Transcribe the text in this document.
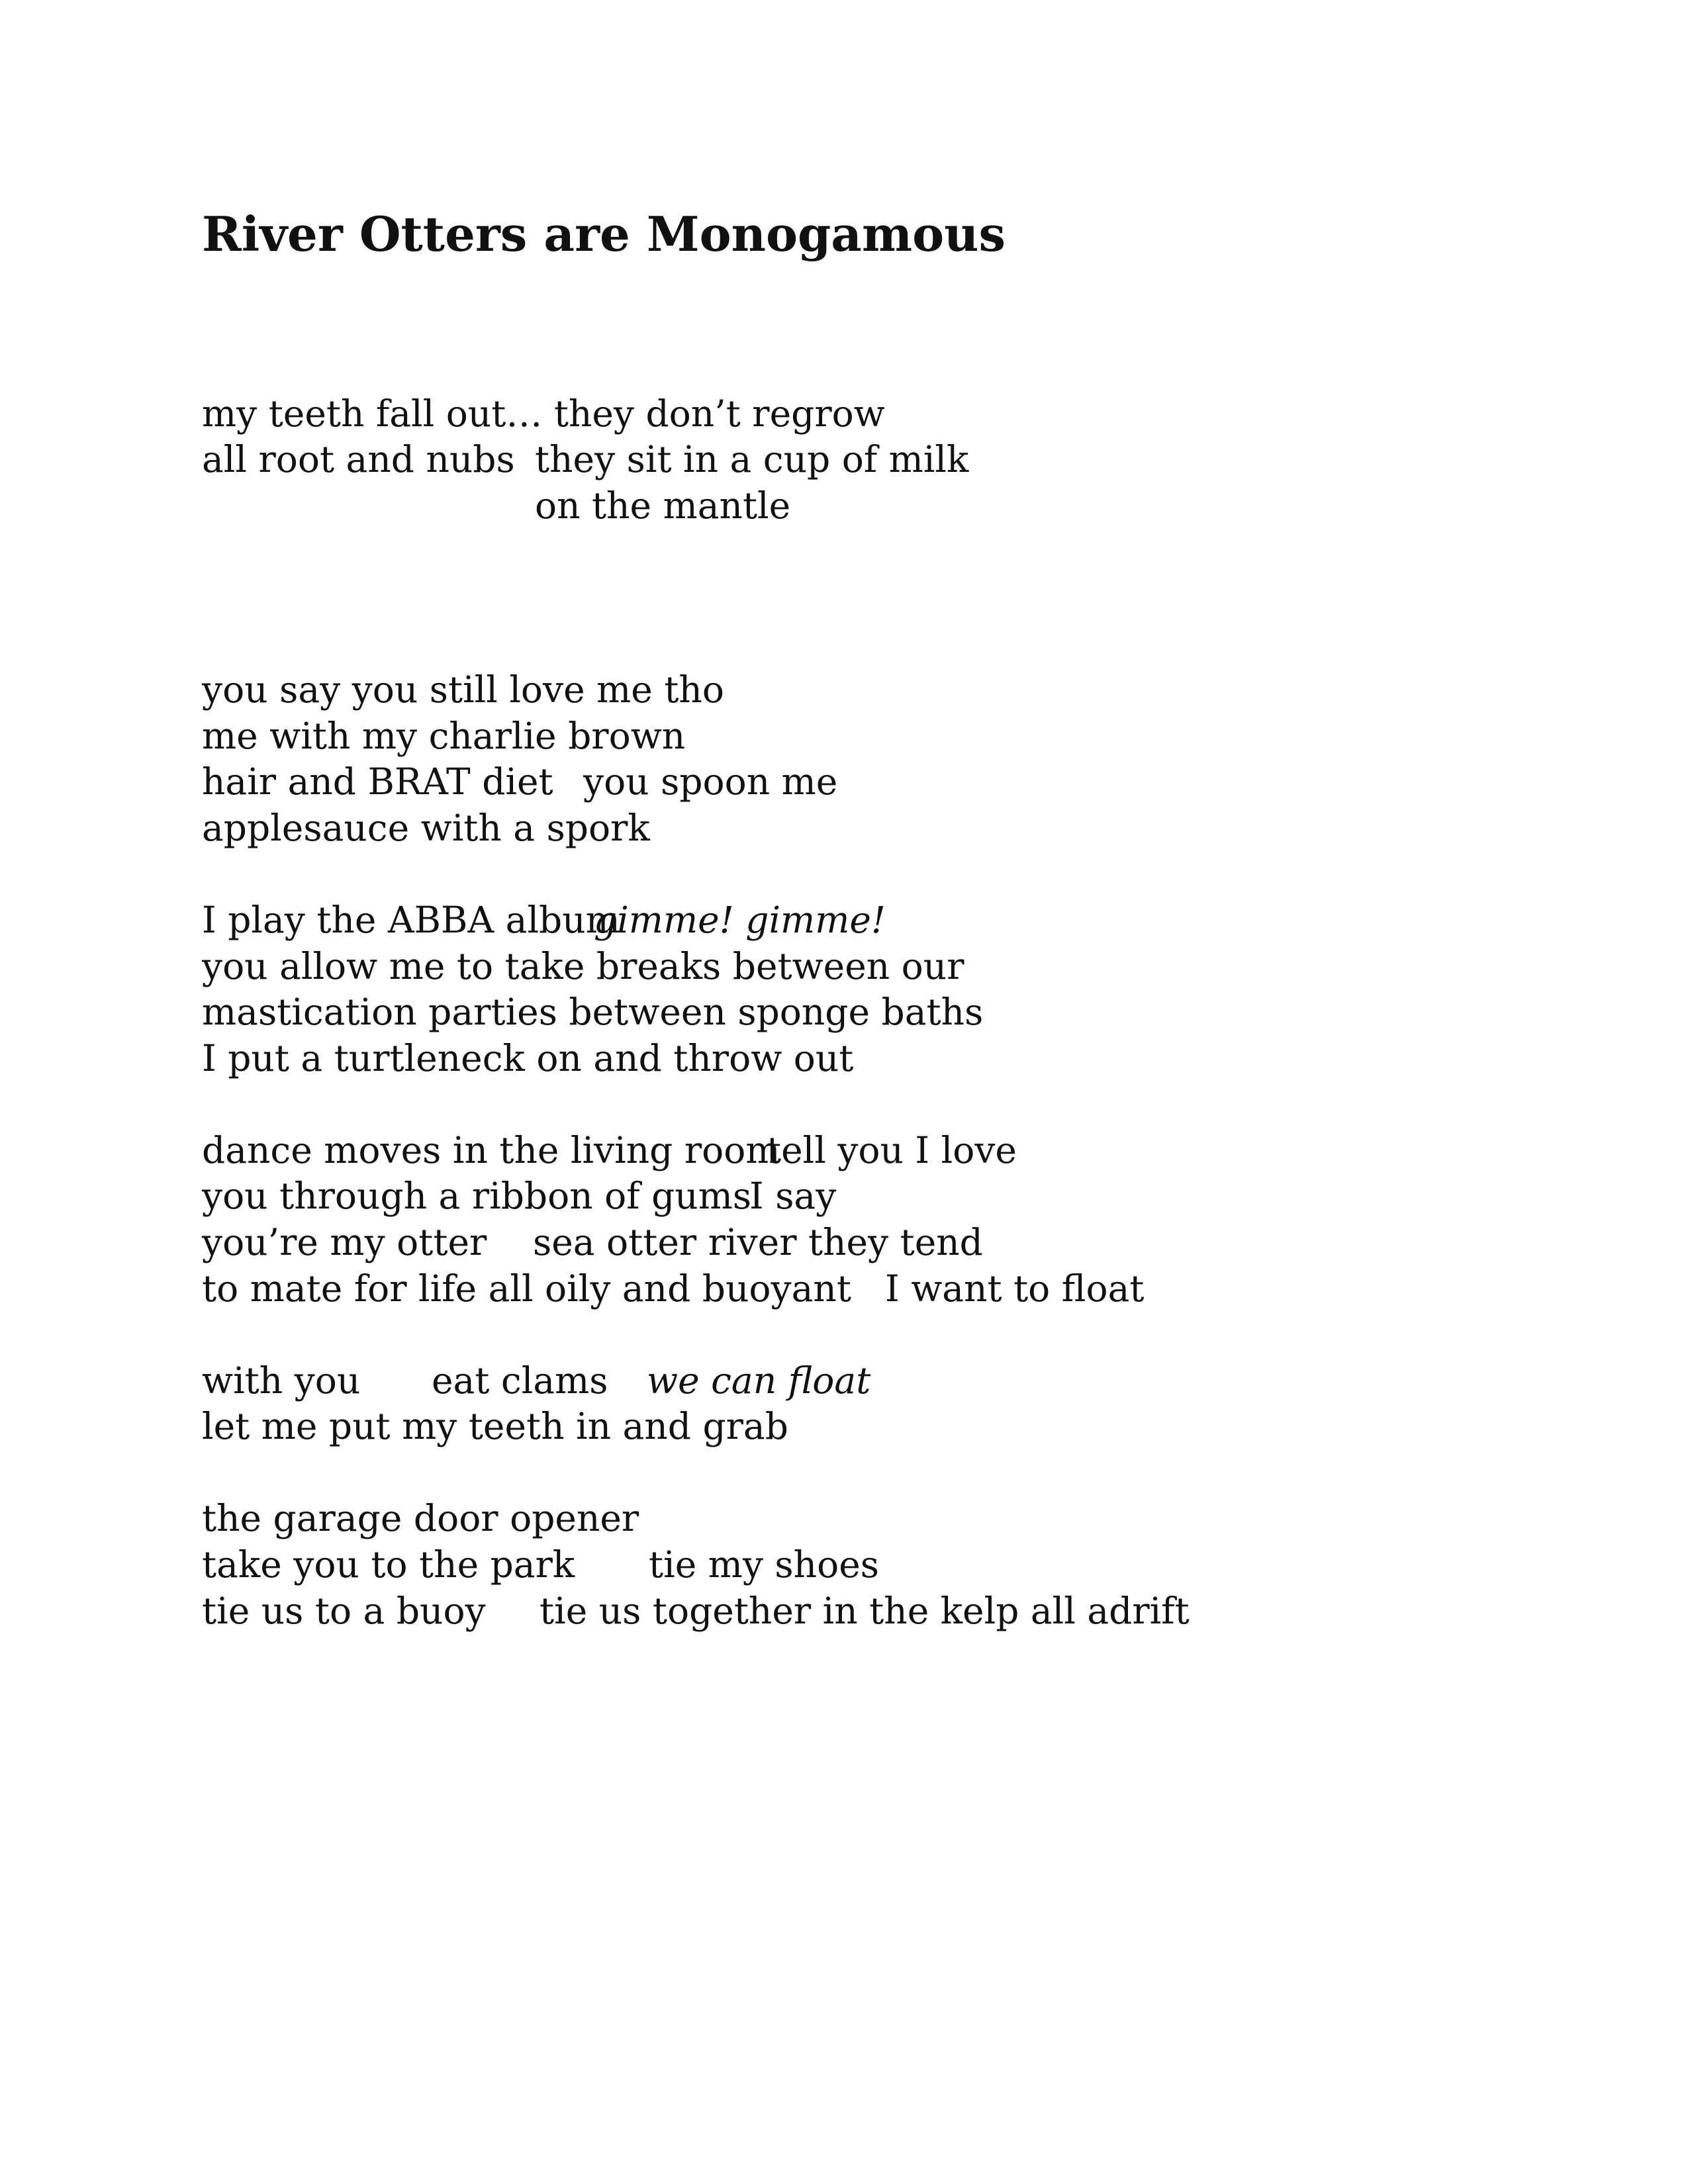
River Otters are Monogamous

my teeth fall out… they don’t regrow

all root and nubs

they sit in a cup of milk

on the mantle

you say you still love me tho

me with my charlie brown

hair and BRAT diet

you spoon me

applesauce with a spork

I play the ABBA album

gimme! gimme!

you allow me to take breaks between our

mastication parties between sponge baths

I put a turtleneck on and throw out

dance moves in the living room

tell you I love

you through a ribbon of gums

I say

you’re my otter

sea otter river they tend

to mate for life all oily and buoyant

I want to float

with you

eat clams

we can float

let me put my teeth in and grab

the garage door opener

take you to the park

tie my shoes

tie us to a buoy

tie us together in the kelp all adrift
